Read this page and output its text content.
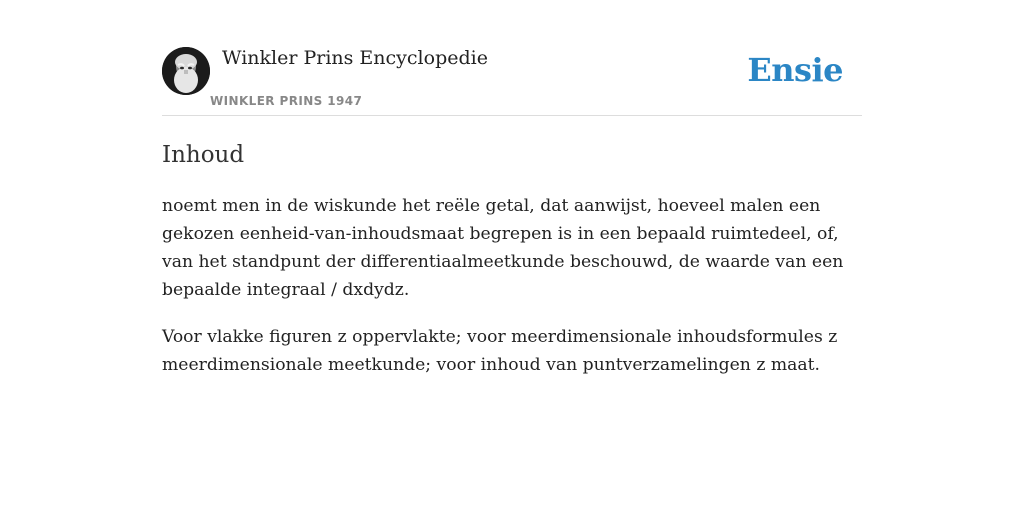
Winkler Prins Encyclopedie
WINKLER PRINS 1947
Ensie
Inhoud

noemt men in de wiskunde het reële getal, dat aanwijst, hoeveel malen een gekozen eenheid-van-inhoudsmaat begrepen is in een bepaald ruimtedeel, of, van het standpunt der differentiaalmeetkunde beschouwd, de waarde van een bepaalde integraal / dxdydz.

Voor vlakke figuren z oppervlakte; voor meerdimensionale inhoudsformules z meerdimensionale meetkunde; voor inhoud van puntverzamelingen z maat.
